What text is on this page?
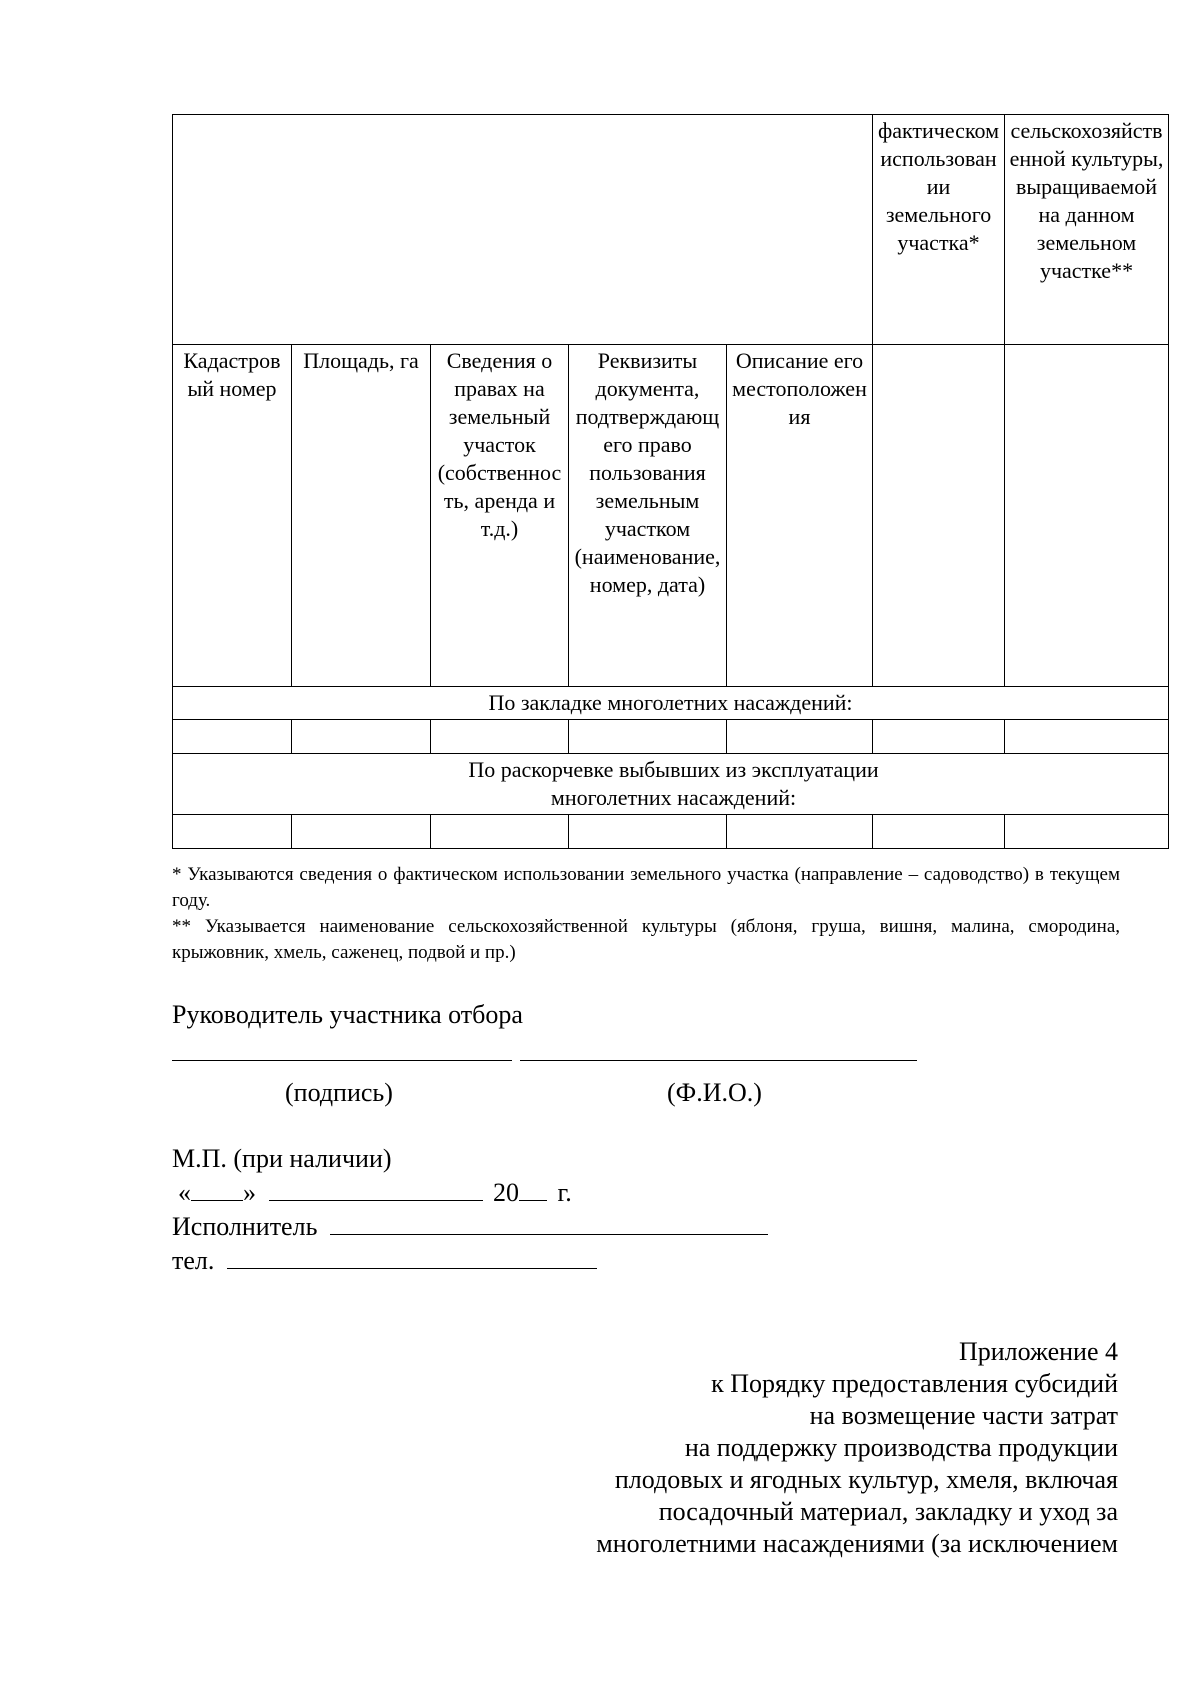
					фактическом использовании земельного участка*	сельскохозяйственной культуры, выращиваемой на данном земельном участке**
Кадастровый номер	Площадь, га	Сведения о правах на земельный участок (собственность, аренда и т.д.)	Реквизиты документа, подтверждающего право пользования земельным участком (наименование, номер, дата)	Описание его местоположения		
По закладке многолетних насаждений:						

По раскорчевке выбывших из эксплуатации многолетних насаждений:						

* Указываются сведения о фактическом использовании земельного участка (направление – садоводство) в текущем году.

** Указывается наименование сельскохозяйственной культуры (яблоня, груша, вишня, малина, смородина, крыжовник, хмель, саженец, подвой и пр.)

Руководитель участника отбора
(подпись)	(Ф.И.О.)
М.П. (при наличии)
« »	20 г.
Исполнитель
тел.
Приложение 4
к Порядку предоставления субсидий
на возмещение части затрат
на поддержку производства продукции
плодовых и ягодных культур, хмеля, включая
посадочный материал, закладку и уход за
многолетними насаждениями (за исключением
